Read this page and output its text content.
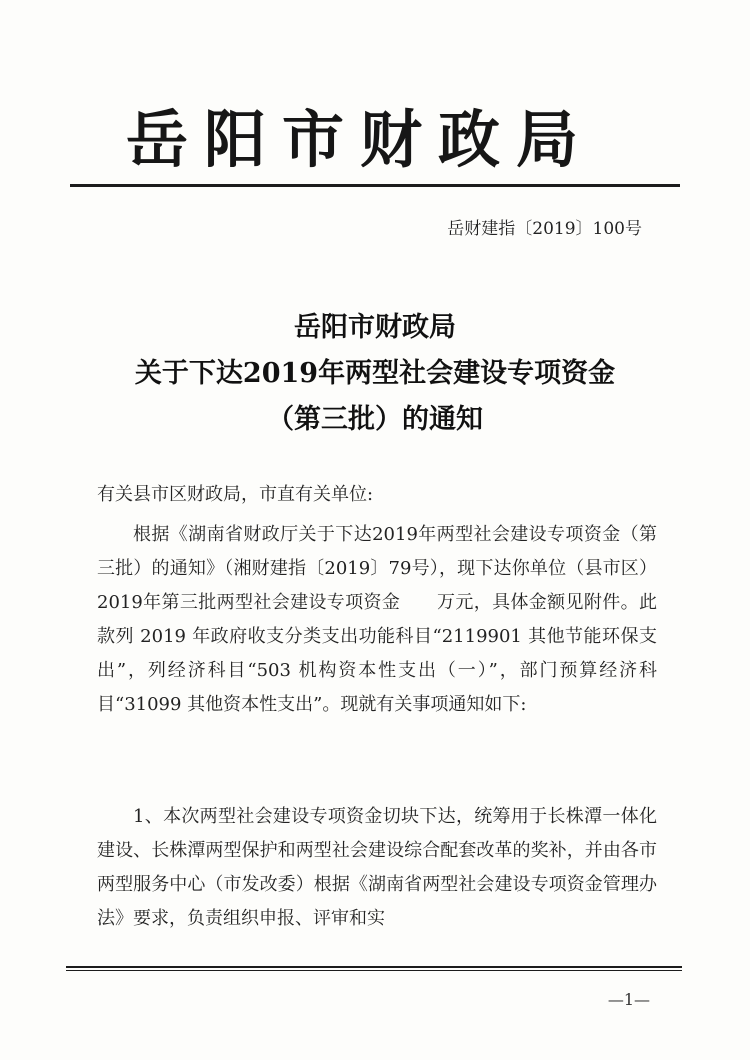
岳阳市财政局
岳财建指〔2019〕100号
岳阳市财政局
关于下达2019年两型社会建设专项资金
（第三批）的通知
有关县市区财政局，市直有关单位:
根据《湖南省财政厅关于下达2019年两型社会建设专项资金（第三批）的通知》（湘财建指〔2019〕79号），现下达你单位（县市区）2019年第三批两型社会建设专项资金　　万元，具体金额见附件。此款列 2019 年政府收支分类支出功能科目“2119901 其他节能环保支出”，列经济科目“503 机构资本性支出（一）”，部门预算经济科目“31099 其他资本性支出”。现就有关事项通知如下:
1、本次两型社会建设专项资金切块下达，统筹用于长株潭一体化建设、长株潭两型保护和两型社会建设综合配套改革的奖补，并由各市两型服务中心（市发改委）根据《湖南省两型社会建设专项资金管理办法》要求，负责组织申报、评审和实
—1—
